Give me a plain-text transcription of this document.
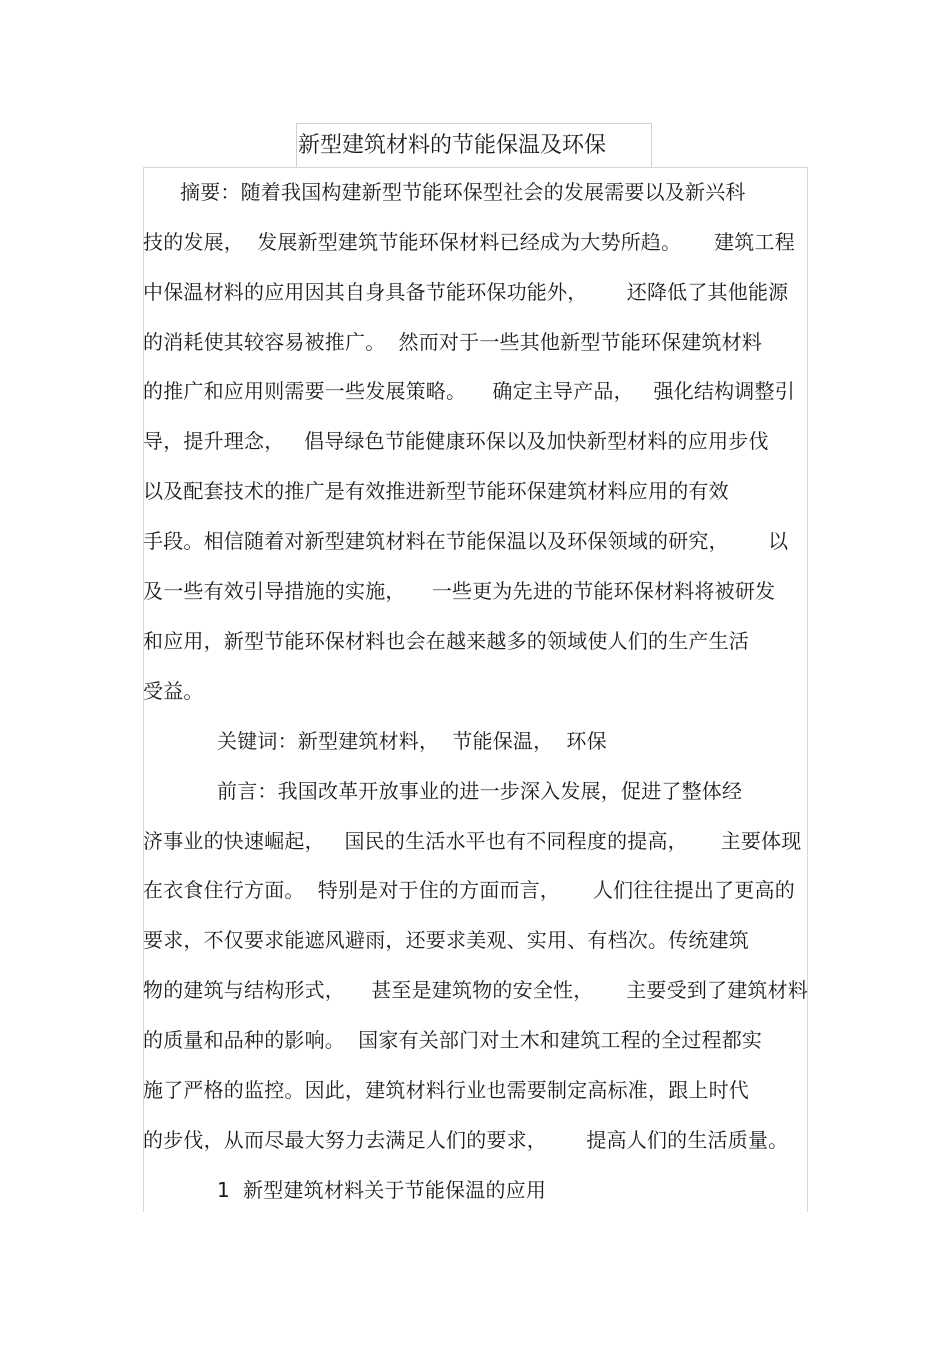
新型建筑材料的节能保温及环保
摘要：随着我国构建新型节能环保型社会的发展需要以及新兴科
技的发展，  发展新型建筑节能环保材料已经成为大势所趋。     建筑工程
中保温材料的应用因其自身具备节能环保功能外，      还降低了其他能源
的消耗使其较容易被推广。  然而对于一些其他新型节能环保建筑材料
的推广和应用则需要一些发展策略。    确定主导产品，   强化结构调整引
导，提升理念，   倡导绿色节能健康环保以及加快新型材料的应用步伐
以及配套技术的推广是有效推进新型节能环保建筑材料应用的有效
手段。相信随着对新型建筑材料在节能保温以及环保领域的研究，      以
及一些有效引导措施的实施，    一些更为先进的节能环保材料将被研发
和应用，新型节能环保材料也会在越来越多的领域使人们的生产生活
受益。
关键词：新型建筑材料，  节能保温，  环保
前言：我国改革开放事业的进一步深入发展，促进了整体经
济事业的快速崛起，   国民的生活水平也有不同程度的提高，     主要体现
在衣食住行方面。  特别是对于住的方面而言，     人们往往提出了更高的
要求，不仅要求能遮风避雨，还要求美观、实用、有档次。传统建筑
物的建筑与结构形式，    甚至是建筑物的安全性，     主要受到了建筑材料
的质量和品种的影响。  国家有关部门对土木和建筑工程的全过程都实
施了严格的监控。因此，建筑材料行业也需要制定高标准，跟上时代
的步伐，从而尽最大努力去满足人们的要求，      提高人们的生活质量。
1  新型建筑材料关于节能保温的应用
